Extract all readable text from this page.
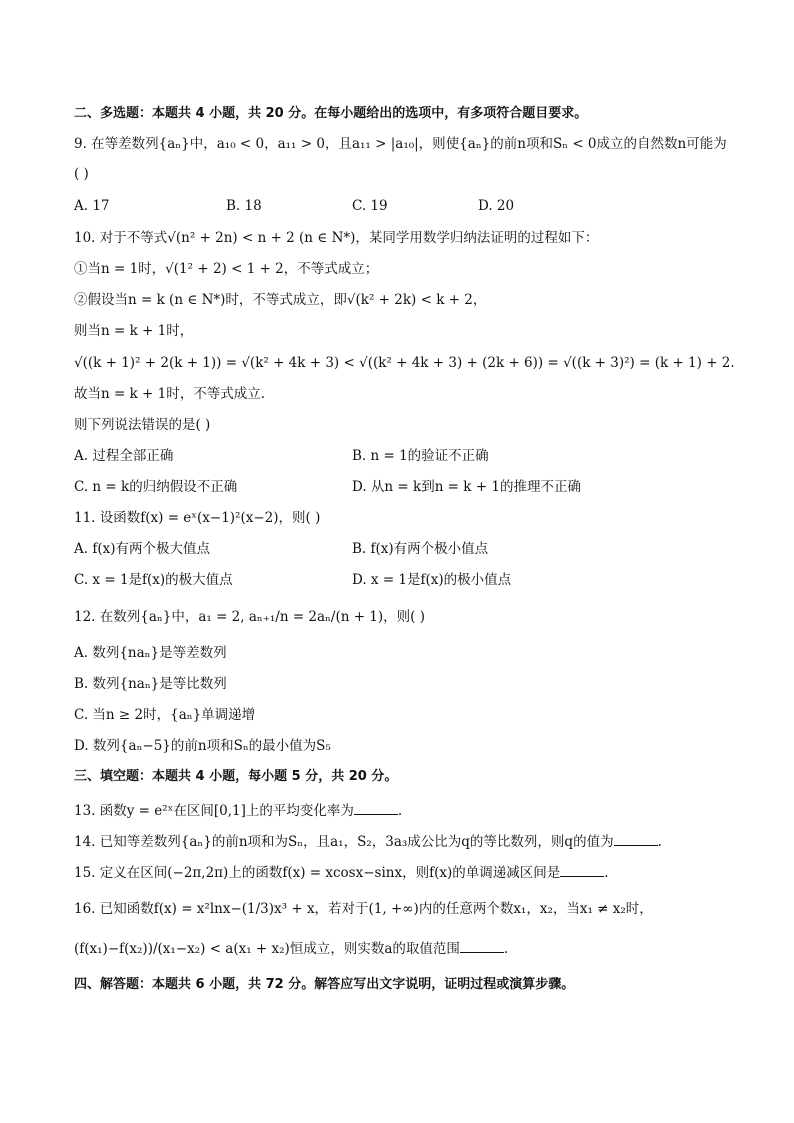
二、多选题：本题共 4 小题，共 20 分。在每小题给出的选项中，有多项符合题目要求。
9. 在等差数列{aₙ}中，a₁₀ < 0，a₁₁ > 0，且a₁₁ > |a₁₀|，则使{aₙ}的前n项和Sₙ < 0成立的自然数n可能为
( )
A. 17	B. 18	C. 19	D. 20
10. 对于不等式√(n² + 2n) < n + 2 (n ∈ N*)，某同学用数学归纳法证明的过程如下：
①当n = 1时，√(1² + 2) < 1 + 2，不等式成立；
②假设当n = k (n ∈ N*)时，不等式成立，即√(k² + 2k) < k + 2，
则当n = k + 1时，
√((k + 1)² + 2(k + 1)) = √(k² + 4k + 3) < √((k² + 4k + 3) + (2k + 6)) = √((k + 3)²) = (k + 1) + 2.
故当n = k + 1时，不等式成立.
则下列说法错误的是( )
A. 过程全部正确	B. n = 1的验证不正确
C. n = k的归纳假设不正确	D. 从n = k到n = k + 1的推理不正确
11. 设函数f(x) = eˣ(x−1)²(x−2)，则( )
A. f(x)有两个极大值点	B. f(x)有两个极小值点
C. x = 1是f(x)的极大值点	D. x = 1是f(x)的极小值点
12. 在数列{aₙ}中，a₁ = 2, aₙ₊₁/n = 2aₙ/(n + 1)，则( )
A. 数列{naₙ}是等差数列
B. 数列{naₙ}是等比数列
C. 当n ≥ 2时，{aₙ}单调递增
D. 数列{aₙ−5}的前n项和Sₙ的最小值为S₅
三、填空题：本题共 4 小题，每小题 5 分，共 20 分。
13. 函数y = e²ˣ在区间[0,1]上的平均变化率为	.
14. 已知等差数列{aₙ}的前n项和为Sₙ，且a₁，S₂，3a₃成公比为q的等比数列，则q的值为	.
15. 定义在区间(−2π,2π)上的函数f(x) = xcosx−sinx，则f(x)的单调递减区间是	.
16. 已知函数f(x) = x²lnx−(1/3)x³ + x，若对于(1, +∞)内的任意两个数x₁，x₂，当x₁ ≠ x₂时，
(f(x₁)−f(x₂))/(x₁−x₂) < a(x₁ + x₂)恒成立，则实数a的取值范围	.
四、解答题：本题共 6 小题，共 72 分。解答应写出文字说明，证明过程或演算步骤。
